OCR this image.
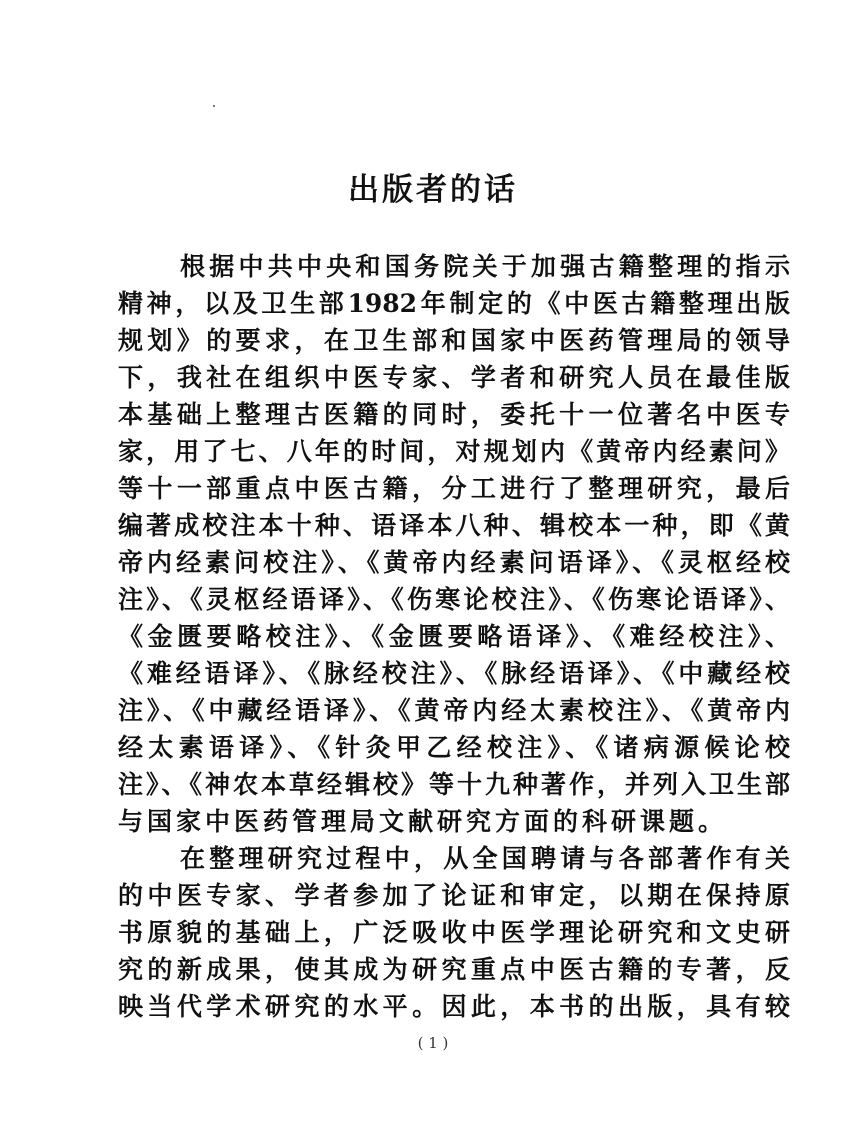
出版者的话
根据中共中央和国务院关于加强古籍整理的指示
精神，以及卫生部1982年制定的《中医古籍整理出版
规划》的要求，在卫生部和国家中医药管理局的领导
下，我社在组织中医专家、学者和研究人员在最佳版
本基础上整理古医籍的同时，委托十一位著名中医专
家，用了七、八年的时间，对规划内《黄帝内经素问》
等十一部重点中医古籍，分工进行了整理研究，最后
编著成校注本十种、语译本八种、辑校本一种，即《黄
帝内经素问校注》、《黄帝内经素问语译》、《灵枢经校
注》、《灵枢经语译》、《伤寒论校注》、《伤寒论语译》、
《金匮要略校注》、《金匮要略语译》、《难经校注》、
《难经语译》、《脉经校注》、《脉经语译》、《中藏经校
注》、《中藏经语译》、《黄帝内经太素校注》、《黄帝内
经太素语译》、《针灸甲乙经校注》、《诸病源候论校
注》、《神农本草经辑校》等十九种著作，并列入卫生部
与国家中医药管理局文献研究方面的科研课题。
在整理研究过程中，从全国聘请与各部著作有关
的中医专家、学者参加了论证和审定，以期在保持原
书原貌的基础上，广泛吸收中医学理论研究和文史研
究的新成果，使其成为研究重点中医古籍的专著，反
映当代学术研究的水平。因此，本书的出版，具有较
( 1 )
